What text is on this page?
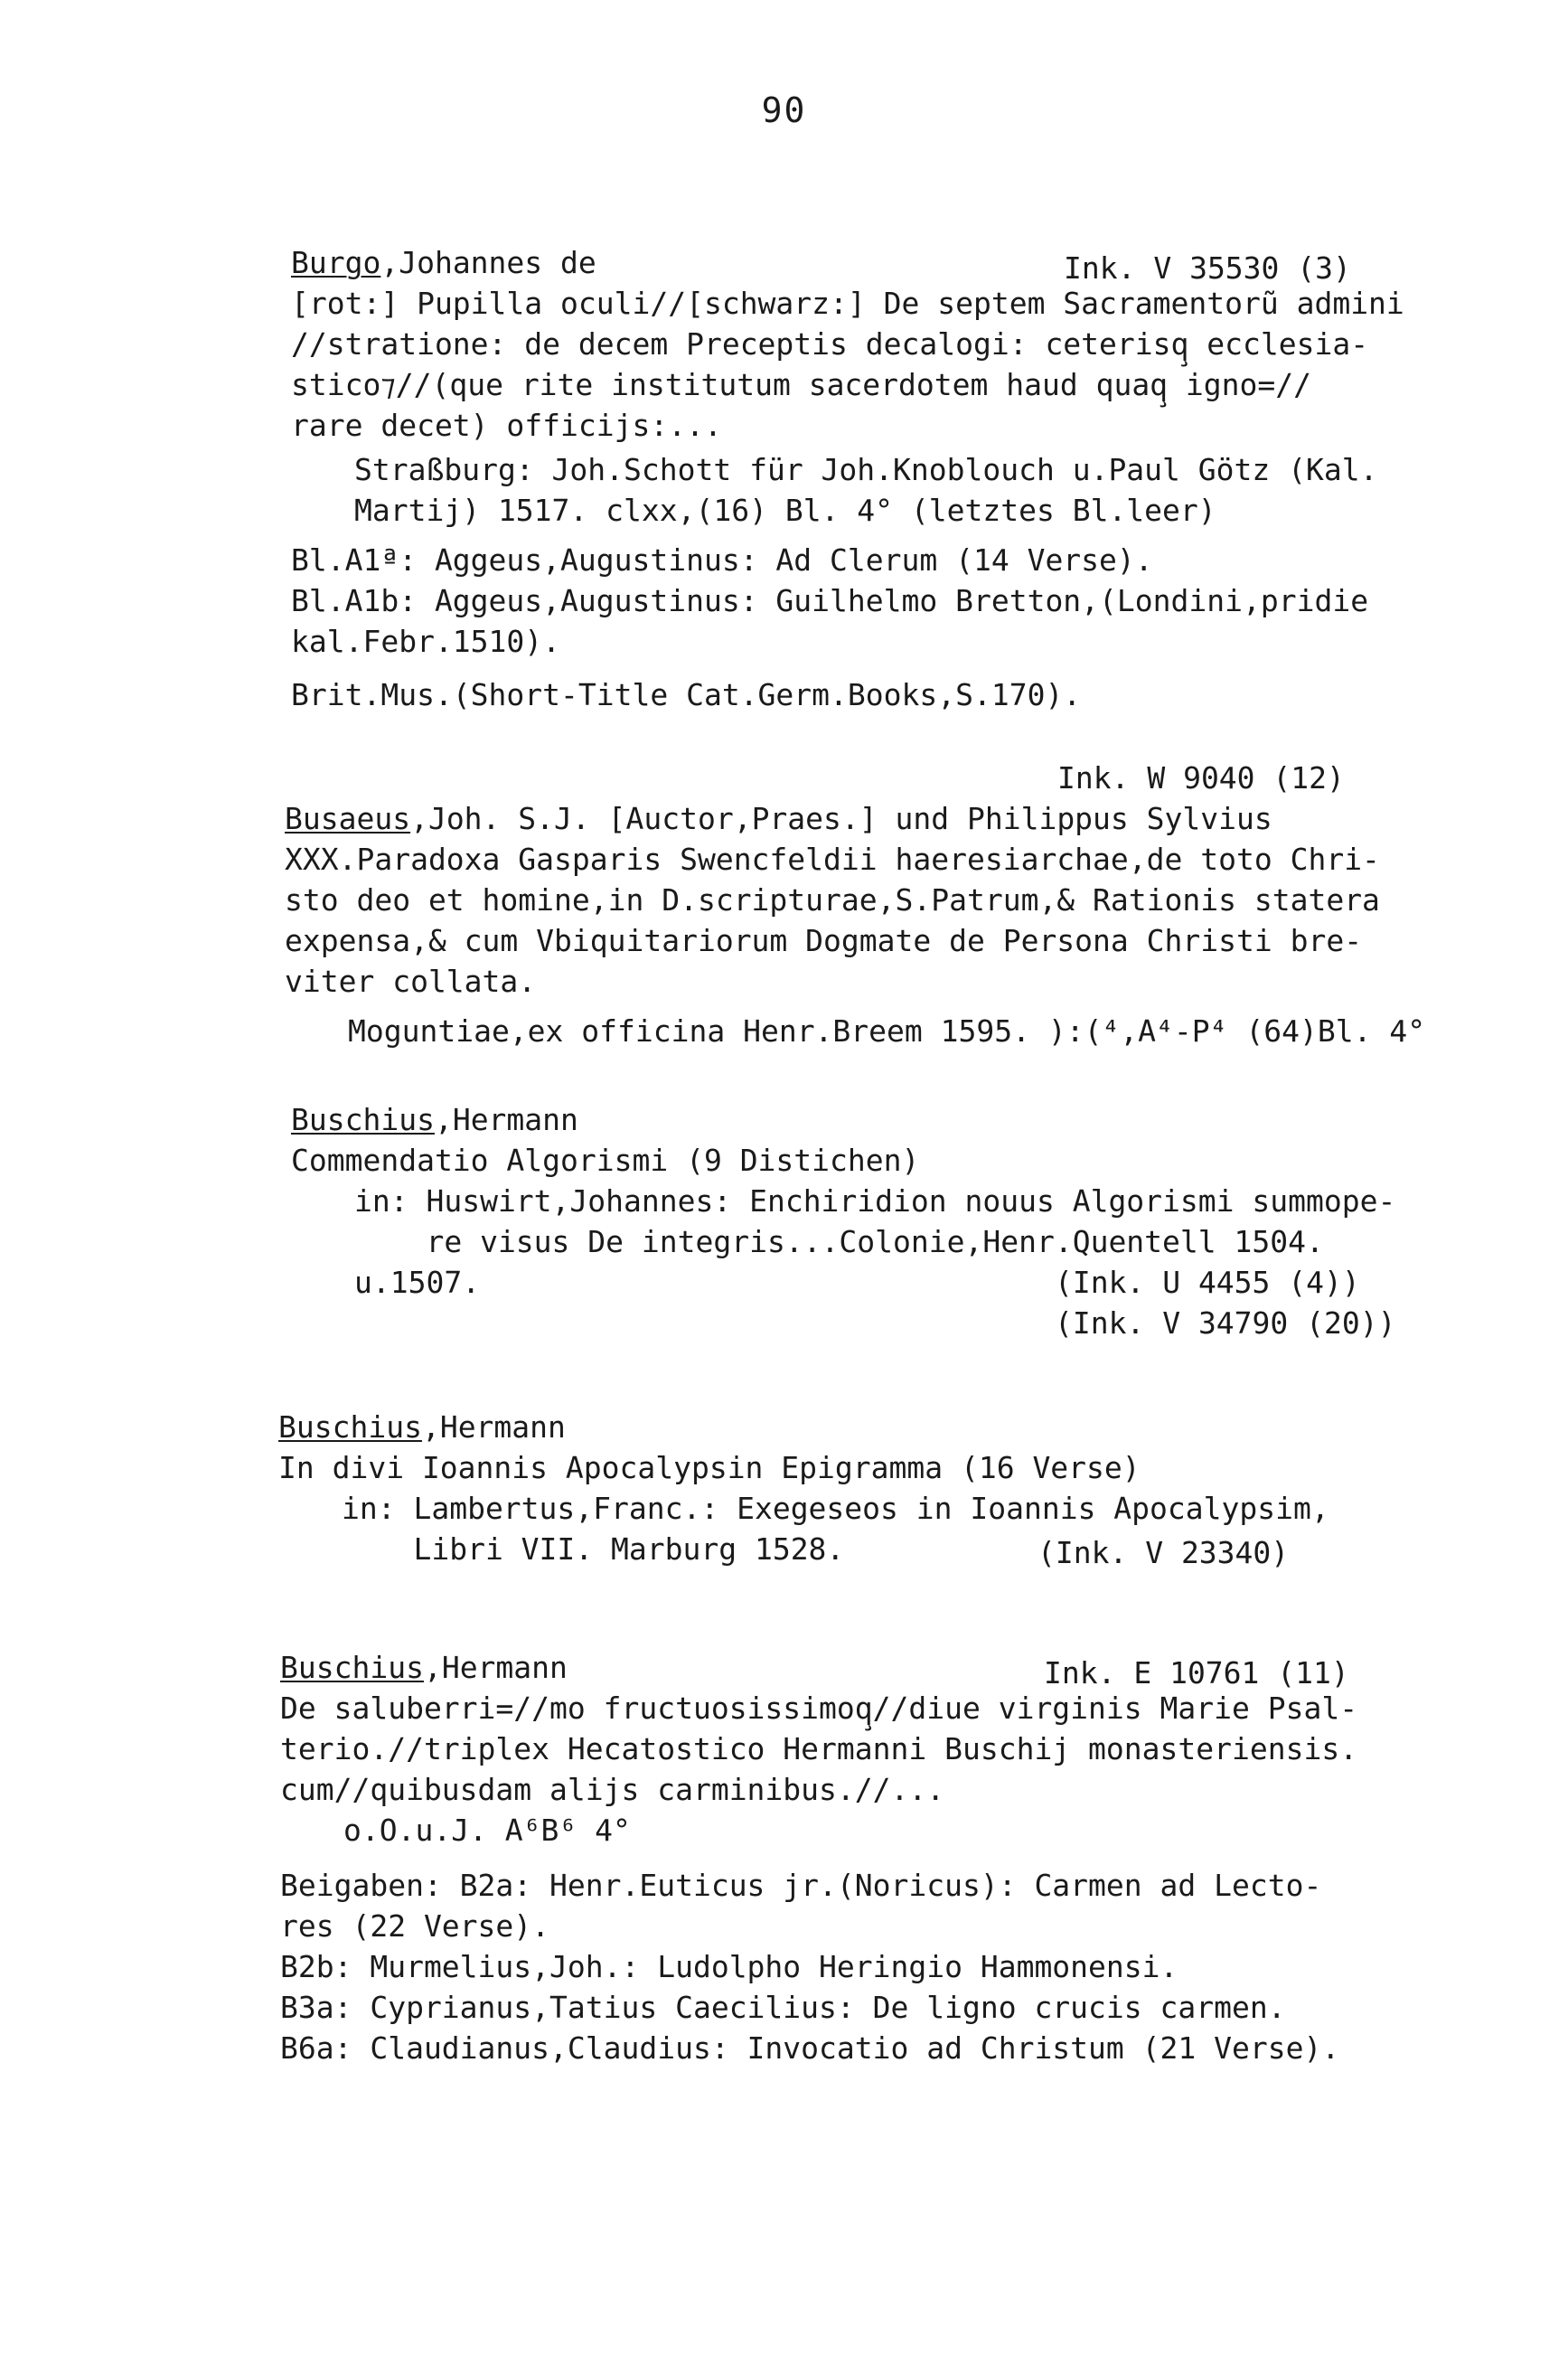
90
Burgo,Johannes de	Ink. V 35530 (3)
[rot:] Pupilla oculi//[schwarz:] De septem Sacramentorũ admini
//stratione: de decem Preceptis decalogi: ceterisq̧ ecclesia-
stico⁊//(que rite institutum sacerdotem haud quaq̧ igno=//
rare decet) officijs:...
Straßburg: Joh.Schott für Joh.Knoblouch u.Paul Götz (Kal.
Martij) 1517. clxx,(16) Bl. 4° (letztes Bl.leer)
Bl.A1ª: Aggeus,Augustinus: Ad Clerum (14 Verse).
Bl.A1b: Aggeus,Augustinus: Guilhelmo Bretton,(Londini,pridie
kal.Febr.1510).
Brit.Mus.(Short-Title Cat.Germ.Books,S.170).
Ink. W 9040 (12)
Busaeus,Joh. S.J. [Auctor,Praes.] und Philippus Sylvius
XXX.Paradoxa Gasparis Swencfeldii haeresiarchae,de toto Chri-
sto deo et homine,in D.scripturae,S.Patrum,& Rationis statera
expensa,& cum Vbiquitariorum Dogmate de Persona Christi bre-
viter collata.
Moguntiae,ex officina Henr.Breem 1595. ):(⁴,A⁴-P⁴ (64)Bl. 4°
Buschius,Hermann
Commendatio Algorismi (9 Distichen)
in: Huswirt,Johannes: Enchiridion nouus Algorismi summope-
re visus De integris...Colonie,Henr.Quentell 1504.
u.1507.	(Ink. U 4455 (4))
(Ink. V 34790 (20))
Buschius,Hermann
In divi Ioannis Apocalypsin Epigramma (16 Verse)
in: Lambertus,Franc.: Exegeseos in Ioannis Apocalypsim,
Libri VII. Marburg 1528.	(Ink. V 23340)
Buschius,Hermann	Ink. E 10761 (11)
De saluberri=//mo fructuosissimoq̧//diue virginis Marie Psal-
terio.//triplex Hecatostico Hermanni Buschij monasteriensis.
cum//quibusdam alijs carminibus.//...
o.O.u.J. A⁶B⁶ 4°
Beigaben: B2a: Henr.Euticus jr.(Noricus): Carmen ad Lecto-
res (22 Verse).
B2b: Murmelius,Joh.: Ludolpho Heringio Hammonensi.
B3a: Cyprianus,Tatius Caecilius: De ligno crucis carmen.
B6a: Claudianus,Claudius: Invocatio ad Christum (21 Verse).
